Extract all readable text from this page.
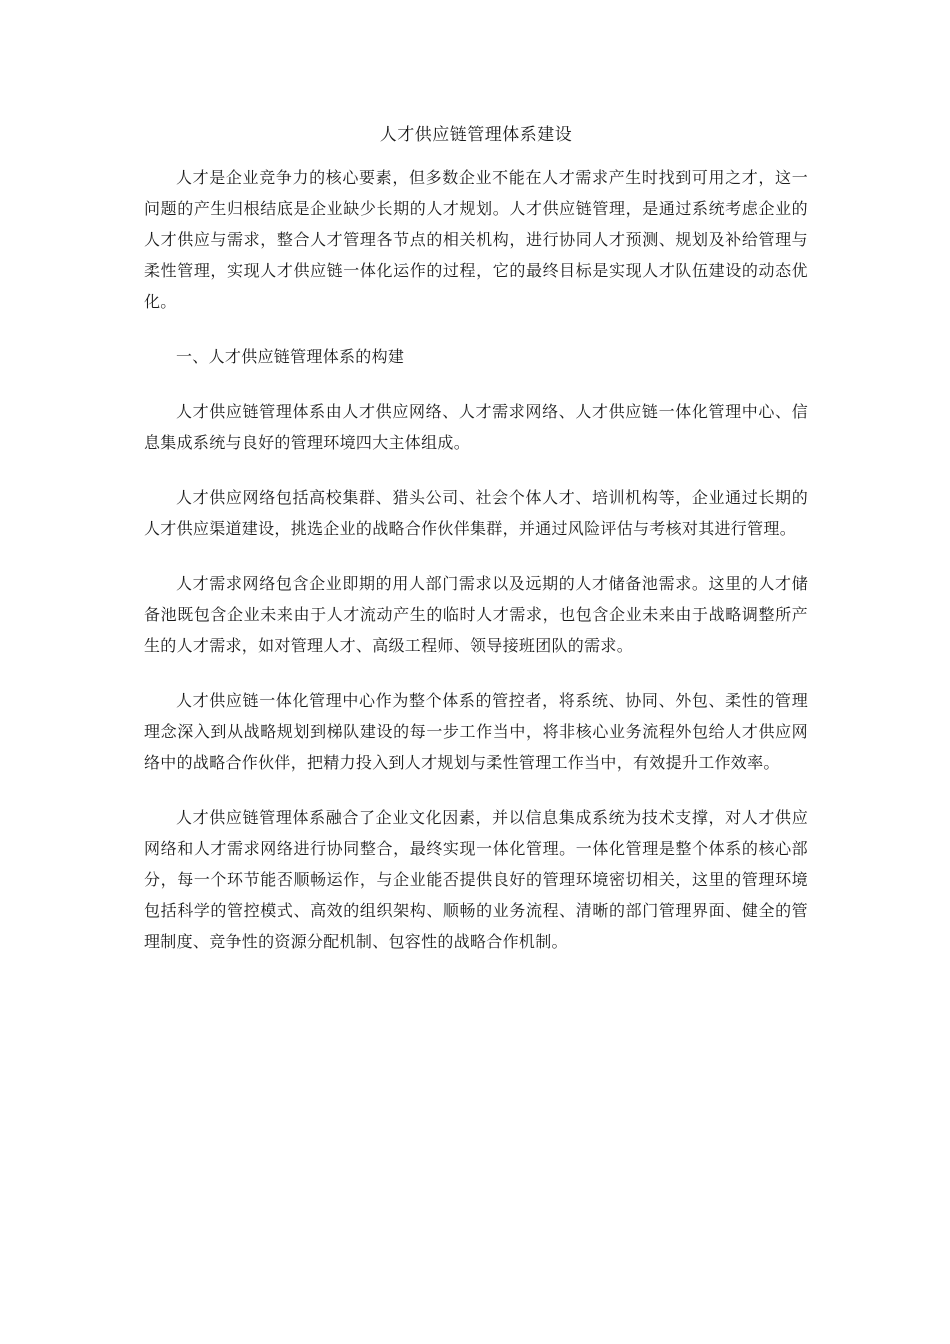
人才供应链管理体系建设

人才是企业竞争力的核心要素，但多数企业不能在人才需求产生时找到可用之才，这一问题的产生归根结底是企业缺少长期的人才规划。人才供应链管理，是通过系统考虑企业的人才供应与需求，整合人才管理各节点的相关机构，进行协同人才预测、规划及补给管理与柔性管理，实现人才供应链一体化运作的过程，它的最终目标是实现人才队伍建设的动态优化。

一、人才供应链管理体系的构建

人才供应链管理体系由人才供应网络、人才需求网络、人才供应链一体化管理中心、信息集成系统与良好的管理环境四大主体组成。

人才供应网络包括高校集群、猎头公司、社会个体人才、培训机构等，企业通过长期的人才供应渠道建设，挑选企业的战略合作伙伴集群，并通过风险评估与考核对其进行管理。

人才需求网络包含企业即期的用人部门需求以及远期的人才储备池需求。这里的人才储备池既包含企业未来由于人才流动产生的临时人才需求，也包含企业未来由于战略调整所产生的人才需求，如对管理人才、高级工程师、领导接班团队的需求。

人才供应链一体化管理中心作为整个体系的管控者，将系统、协同、外包、柔性的管理理念深入到从战略规划到梯队建设的每一步工作当中，将非核心业务流程外包给人才供应网络中的战略合作伙伴，把精力投入到人才规划与柔性管理工作当中，有效提升工作效率。

人才供应链管理体系融合了企业文化因素，并以信息集成系统为技术支撑，对人才供应网络和人才需求网络进行协同整合，最终实现一体化管理。一体化管理是整个体系的核心部分，每一个环节能否顺畅运作，与企业能否提供良好的管理环境密切相关，这里的管理环境包括科学的管控模式、高效的组织架构、顺畅的业务流程、清晰的部门管理界面、健全的管理制度、竞争性的资源分配机制、包容性的战略合作机制。
